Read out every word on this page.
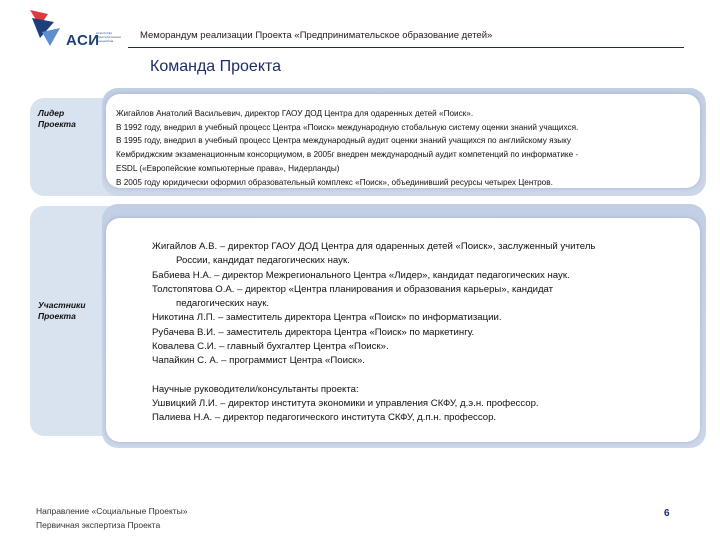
АСИ
Агентство стратегических инициатив	Меморандум реализации Проекта «Предпринимательское образование детей»
Команда Проекта
Лидер
Проекта

Жигайлов Анатолий Васильевич, директор ГАОУ ДОД Центра для одаренных детей «Поиск».

В 1992 году, внедрил в учебный процесс Центра «Поиск» международную стобальную систему оценки знаний учащихся.

В 1995 году, внедрил в учебный процесс Центра международный аудит оценки знаний учащихся по английскому языку

Кембриджским экзаменационным консорциумом, в 2005г внедрен международный аудит компетенций по информатике -

ESDL («Европейские компьютерные права», Нидерланды)

В 2005 году юридически оформил образовательный комплекс «Поиск», объединивший ресурсы четырех Центров.

Участники
Проекта

Жигайлов А.В. – директор ГАОУ ДОД Центра для одаренных детей «Поиск», заслуженный учитель

России, кандидат педагогических наук.

Бабиева Н.А. – директор Межрегионального Центра «Лидер», кандидат педагогических наук.

Толстопятова О.А. – директор «Центра планирования и образования карьеры», кандидат

педагогических наук.

Никотина Л.П. – заместитель директора Центра «Поиск» по информатизации.

Рубачева В.И. – заместитель директора Центра «Поиск» по маркетингу.

Ковалева С.И. – главный бухгалтер Центра «Поиск».

Чапайкин С. А. – программист Центра «Поиск».

Научные руководители/консультанты проекта:

Ушвицкий Л.И. – директор института экономики и управления СКФУ, д.э.н. профессор.

Палиева Н.А. – директор педагогического института СКФУ, д.п.н. профессор.

Направление «Социальные Проекты»
Первичная экспертиза Проекта
6
